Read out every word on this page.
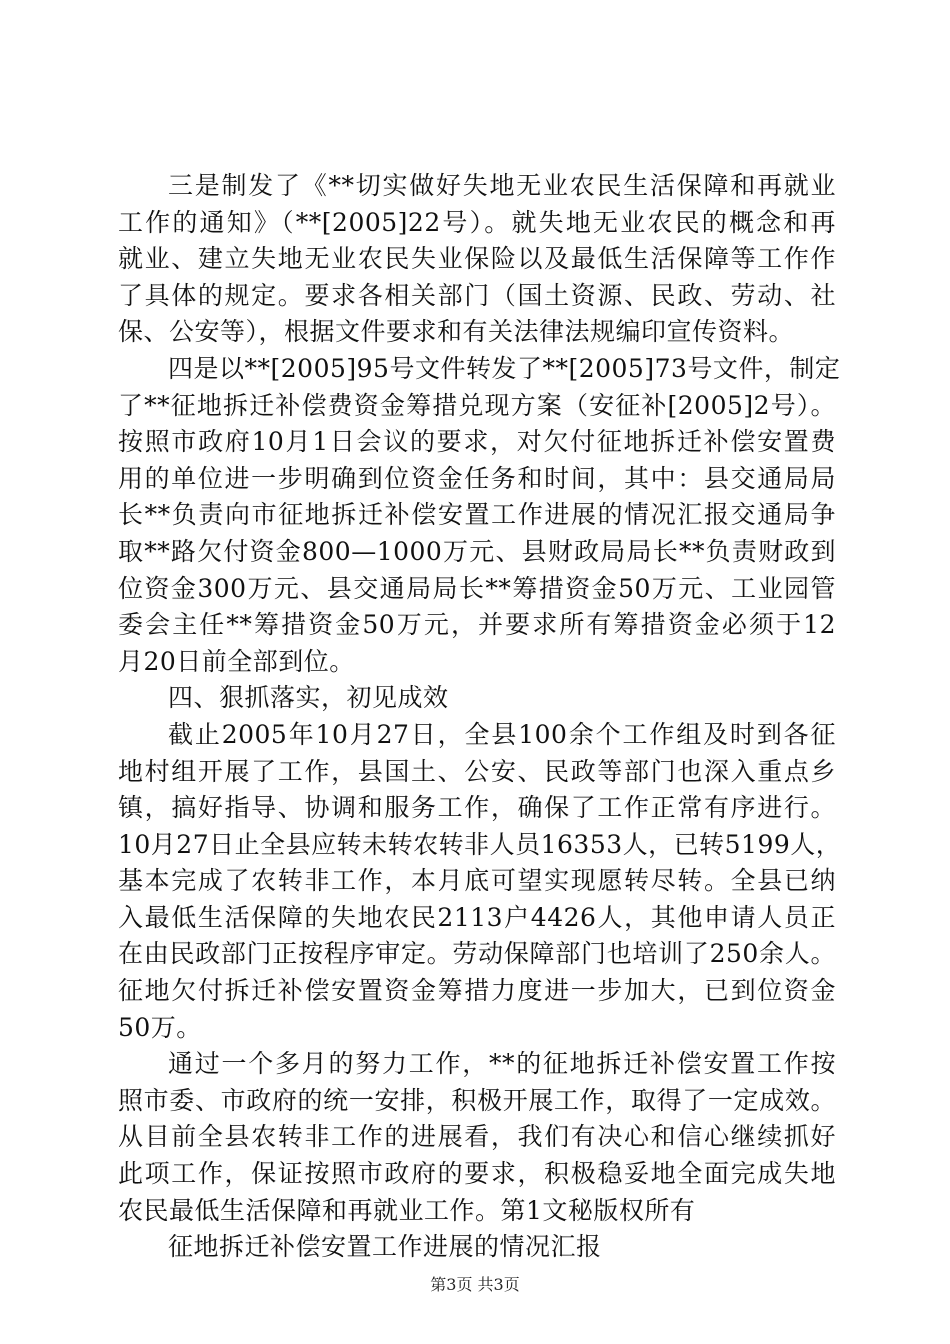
三是制发了《**切实做好失地无业农民生活保障和再就业
工作的通知》（**[2005]22号）。就失地无业农民的概念和再
就业、建立失地无业农民失业保险以及最低生活保障等工作作
了具体的规定。要求各相关部门（国土资源、民政、劳动、社
保、公安等），根据文件要求和有关法律法规编印宣传资料。
四是以**[2005]95号文件转发了**[2005]73号文件，制定
了**征地拆迁补偿费资金筹措兑现方案（安征补[2005]2号）。
按照市政府10月1日会议的要求，对欠付征地拆迁补偿安置费
用的单位进一步明确到位资金任务和时间，其中：县交通局局
长**负责向市征地拆迁补偿安置工作进展的情况汇报交通局争
取**路欠付资金800—1000万元、县财政局局长**负责财政到
位资金300万元、县交通局局长**筹措资金50万元、工业园管
委会主任**筹措资金50万元，并要求所有筹措资金必须于12
月20日前全部到位。
四、狠抓落实，初见成效
截止2005年10月27日，全县100余个工作组及时到各征
地村组开展了工作，县国土、公安、民政等部门也深入重点乡
镇，搞好指导、协调和服务工作，确保了工作正常有序进行。
10月27日止全县应转未转农转非人员16353人，已转5199人，
基本完成了农转非工作，本月底可望实现愿转尽转。全县已纳
入最低生活保障的失地农民2113户4426人，其他申请人员正
在由民政部门正按程序审定。劳动保障部门也培训了250余人。
征地欠付拆迁补偿安置资金筹措力度进一步加大，已到位资金
50万。
通过一个多月的努力工作，**的征地拆迁补偿安置工作按
照市委、市政府的统一安排，积极开展工作，取得了一定成效。
从目前全县农转非工作的进展看，我们有决心和信心继续抓好
此项工作，保证按照市政府的要求，积极稳妥地全面完成失地
农民最低生活保障和再就业工作。第1文秘版权所有
征地拆迁补偿安置工作进展的情况汇报
第3页 共3页
